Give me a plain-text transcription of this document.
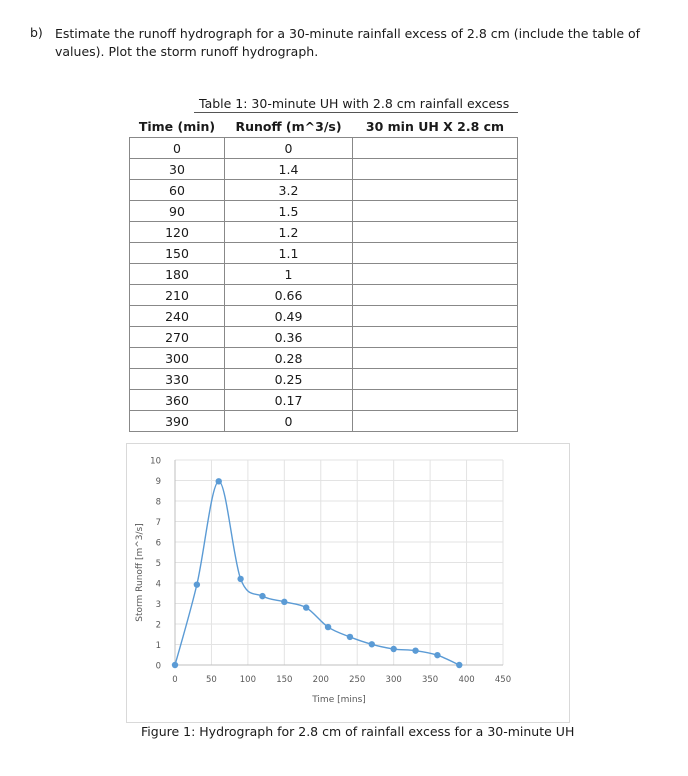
b) Estimate the runoff hydrograph for a 30-minute rainfall excess of 2.8 cm (include the table of values). Plot the storm runoff hydrograph.
Table 1: 30-minute UH with 2.8 cm rainfall excess
Time (min)	Runoff (m^3/s)	30 min UH X 2.8 cm
0	0	
30	1.4	
60	3.2	
90	1.5	
120	1.2	
150	1.1	
180	1	
210	0.66	
240	0.49	
270	0.36	
300	0.28	
330	0.25	
360	0.17	
390	0	
0
1
2
3
4
5
6
7
8
9
10
0	50	100 150 200 250 300 350 400 450
Time [mins]
Storm Runoff [m^3/s]
Figure 1: Hydrograph for 2.8 cm of rainfall excess for a 30-minute UH
